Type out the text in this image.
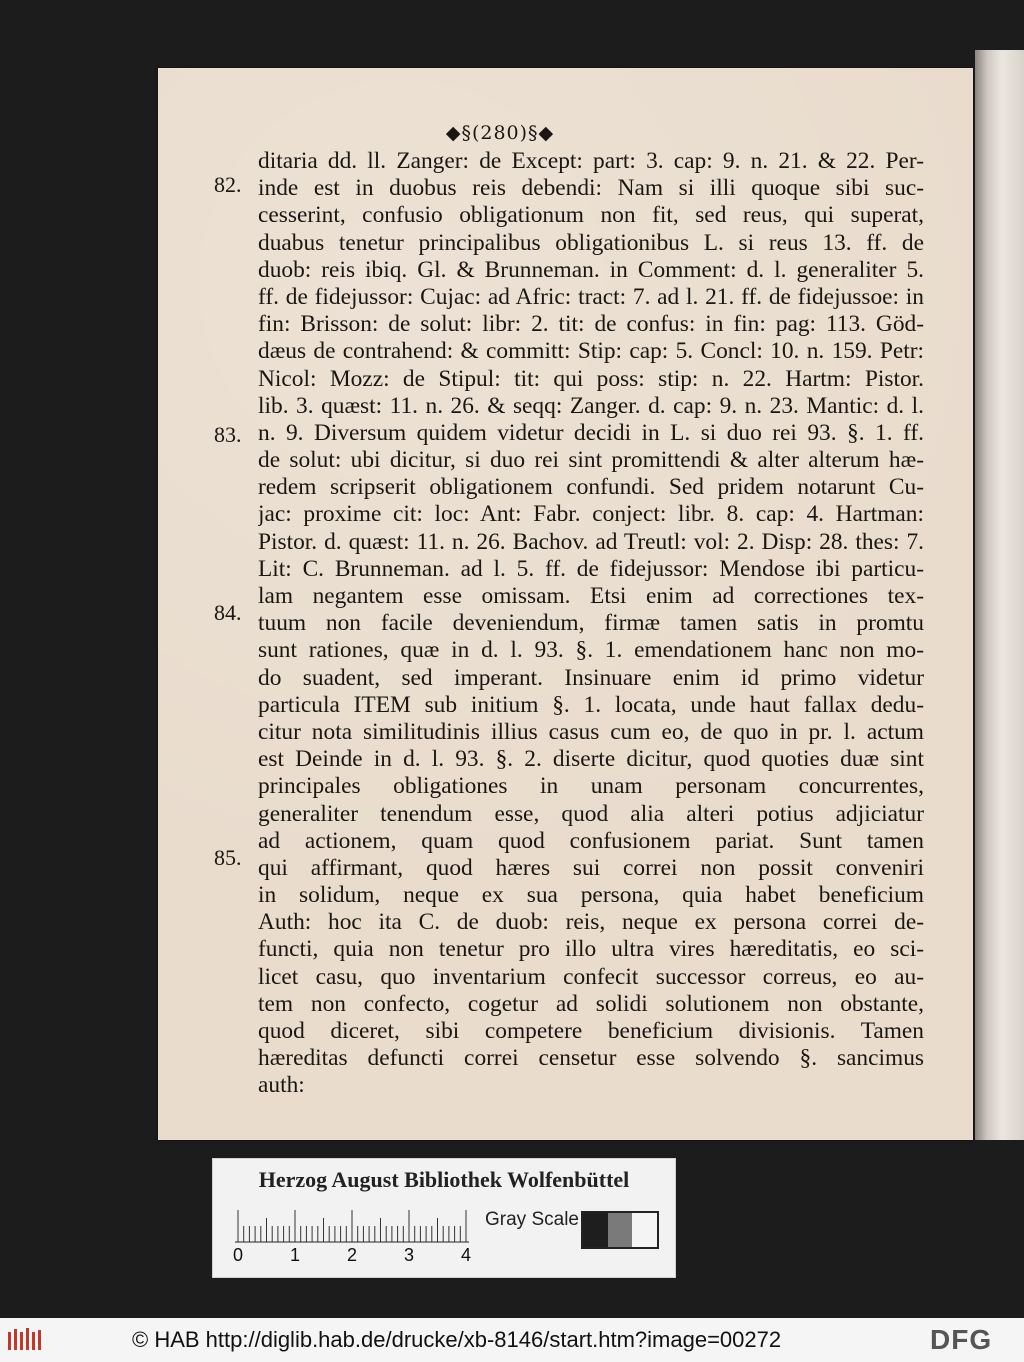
◆§(280)§◆
82.
83.
84.
85.
ditaria dd. ll. Zanger: de Except: part: 3. cap: 9. n. 21. & 22. Per-
inde est in duobus reis debendi: Nam si illi quoque sibi suc-
cesserint, confusio obligationum non fit, sed reus, qui superat,
duabus tenetur principalibus obligationibus L. si reus 13. ff. de
duob: reis ibiq. Gl. & Brunneman. in Comment: d. l. generaliter 5.
ff. de fidejussor: Cujac: ad Afric: tract: 7. ad l. 21. ff. de fidejussoe: in
fin: Brisson: de solut: libr: 2. tit: de confus: in fin: pag: 113. Göd-
dæus de contrahend: & committ: Stip: cap: 5. Concl: 10. n. 159. Petr:
Nicol: Mozz: de Stipul: tit: qui poss: stip: n. 22. Hartm: Pistor.
lib. 3. quæst: 11. n. 26. & seqq: Zanger. d. cap: 9. n. 23. Mantic: d. l.
n. 9. Diversum quidem videtur decidi in L. si duo rei 93. §. 1. ff.
de solut: ubi dicitur, si duo rei sint promittendi & alter alterum hæ-
redem scripserit obligationem confundi. Sed pridem notarunt Cu-
jac: proxime cit: loc: Ant: Fabr. conject: libr. 8. cap: 4. Hartman:
Pistor. d. quæst: 11. n. 26. Bachov. ad Treutl: vol: 2. Disp: 28. thes: 7.
Lit: C. Brunneman. ad l. 5. ff. de fidejussor: Mendose ibi particu-
lam negantem esse omissam. Etsi enim ad correctiones tex-
tuum non facile deveniendum, firmæ tamen satis in promtu
sunt rationes, quæ in d. l. 93. §. 1. emendationem hanc non mo-
do suadent, sed imperant. Insinuare enim id primo videtur
particula ITEM sub initium §. 1. locata, unde haut fallax dedu-
citur nota similitudinis illius casus cum eo, de quo in pr. l. actum
est Deinde in d. l. 93. §. 2. diserte dicitur, quod quoties duæ sint
principales obligationes in unam personam concurrentes,
generaliter tenendum esse, quod alia alteri potius adjiciatur
ad actionem, quam quod confusionem pariat. Sunt tamen
qui affirmant, quod hæres sui correi non possit conveniri
in solidum, neque ex sua persona, quia habet beneficium
Auth: hoc ita C. de duob: reis, neque ex persona correi de-
functi, quia non tenetur pro illo ultra vires hæreditatis, eo sci-
licet casu, quo inventarium confecit successor correus, eo au-
tem non confecto, cogetur ad solidi solutionem non obstante,
quod diceret, sibi competere beneficium divisionis. Tamen
hæreditas defuncti correi censetur esse solvendo §. sancimus
auth:
Herzog August Bibliothek Wolfenbüttel
0	1	2	3	4
Gray Scale
© HAB http://diglib.hab.de/drucke/xb-8146/start.htm?image=00272	DFG
